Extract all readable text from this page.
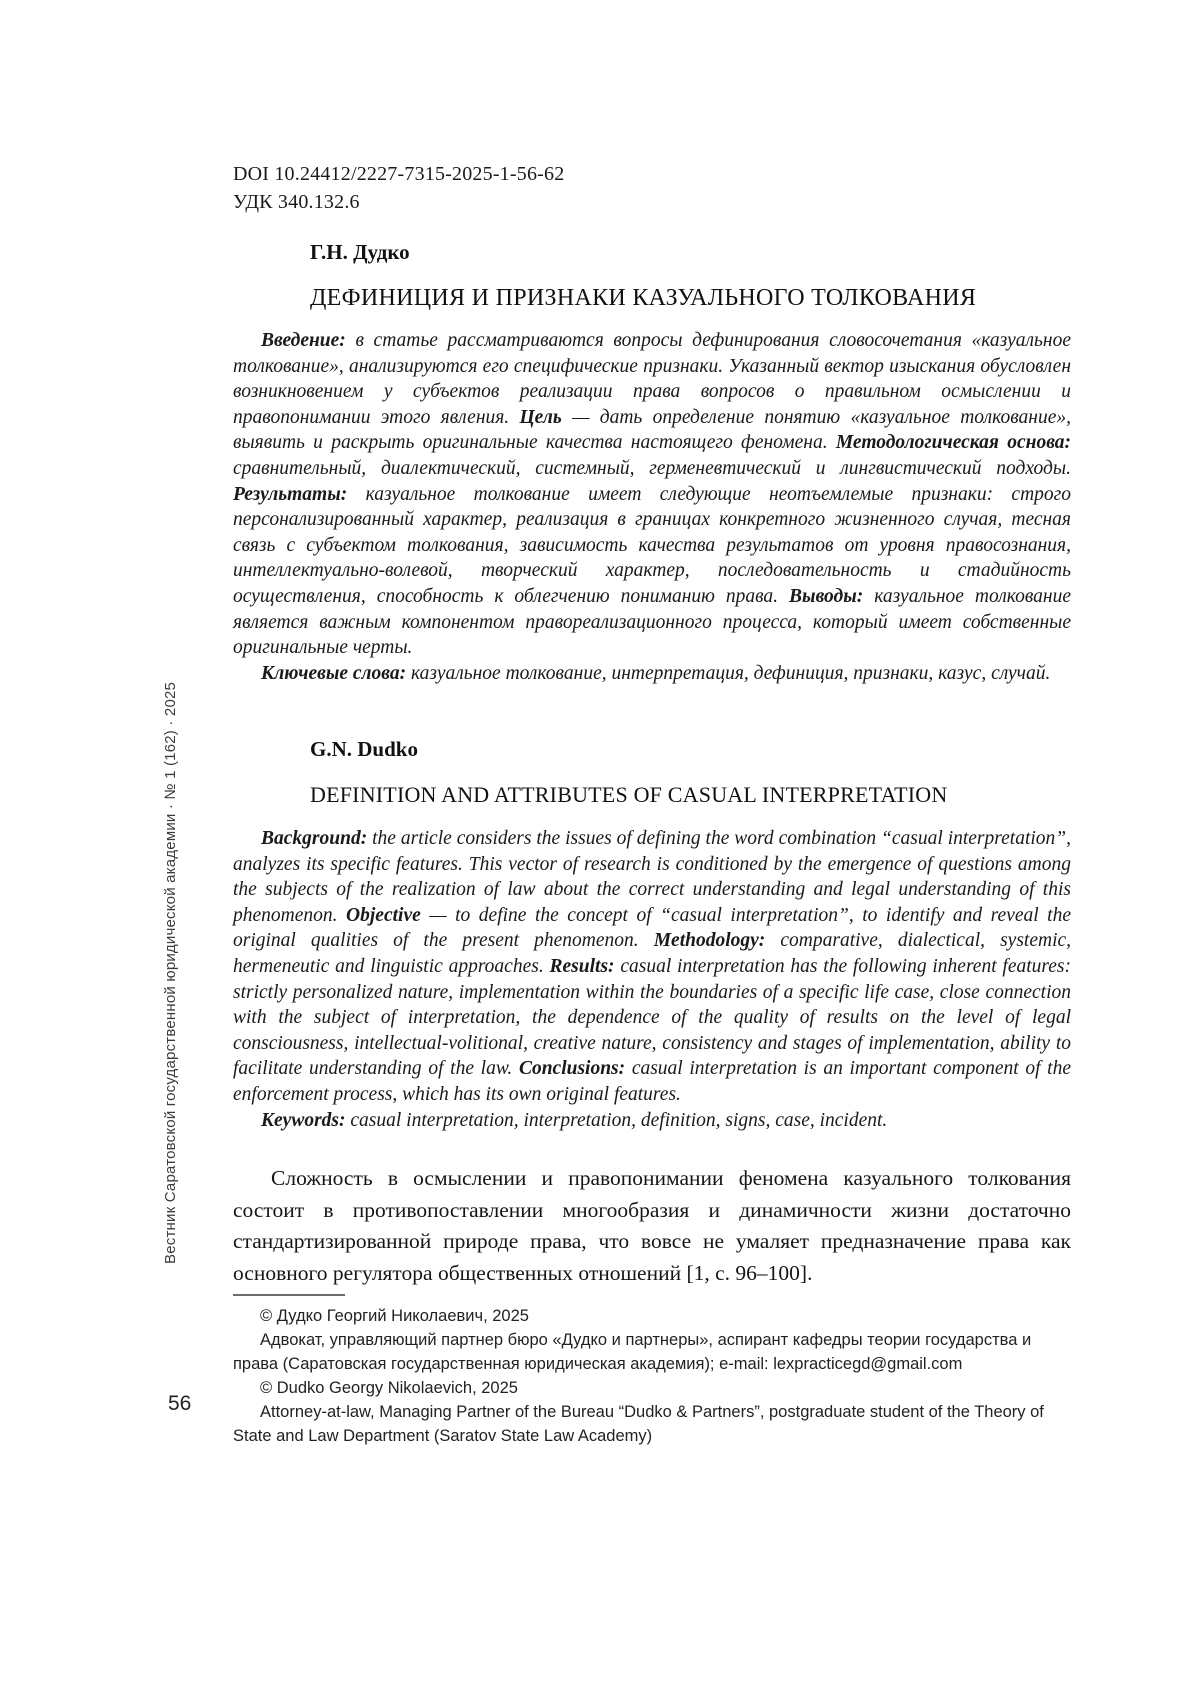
DOI 10.24412/2227-7315-2025-1-56-62
УДК 340.132.6
Г.Н. Дудко
ДЕФИНИЦИЯ И ПРИЗНАКИ КАЗУАЛЬНОГО ТОЛКОВАНИЯ

Введение: в статье рассматриваются вопросы дефинирования словосочетания «казуальное толкование», анализируются его специфические признаки. Указанный вектор изыскания обусловлен возникновением у субъектов реализации права вопросов о правильном осмыслении и правопонимании этого явления. Цель — дать определение понятию «казуальное толкование», выявить и раскрыть оригинальные качества настоящего феномена. Методологическая основа: сравнительный, диалектический, системный, герменевтический и лингвистический подходы. Результаты: казуальное толкование имеет следующие неотъемлемые признаки: строго персонализированный характер, реализация в границах конкретного жизненного случая, тесная связь с субъектом толкования, зависимость качества результатов от уровня правосознания, интеллектуально-волевой, творческий характер, последовательность и стадийность осуществления, способность к облегчению пониманию права. Выводы: казуальное толкование является важным компонентом правореализационного процесса, который имеет собственные оригинальные черты.

Ключевые слова: казуальное толкование, интерпретация, дефиниция, признаки, казус, случай.

G.N. Dudko
DEFINITION AND ATTRIBUTES OF CASUAL INTERPRETATION

Background: the article considers the issues of defining the word combination “casual interpretation”, analyzes its specific features. This vector of research is conditioned by the emergence of questions among the subjects of the realization of law about the correct understanding and legal understanding of this phenomenon. Objective — to define the concept of “casual interpretation”, to identify and reveal the original qualities of the present phenomenon. Methodology: comparative, dialectical, systemic, hermeneutic and linguistic approaches. Results: casual interpretation has the following inherent features: strictly personalized nature, implementation within the boundaries of a specific life case, close connection with the subject of interpretation, the dependence of the quality of results on the level of legal consciousness, intellectual-volitional, creative nature, consistency and stages of implementation, ability to facilitate understanding of the law. Conclusions: casual interpretation is an important component of the enforcement process, which has its own original features.

Keywords: casual interpretation, interpretation, definition, signs, case, incident.

Сложность в осмыслении и правопонимании феномена казуального толкования состоит в противопоставлении многообразия и динамичности жизни достаточно стандартизированной природе права, что вовсе не умаляет предназначение права как основного регулятора общественных отношений [1, с. 96–100].

© Дудко Георгий Николаевич, 2025

Адвокат, управляющий партнер бюро «Дудко и партнеры», аспирант кафедры теории государства и права (Саратовская государственная юридическая академия); e-mail: lexpracticegd@gmail.com

© Dudko Georgy Nikolaevich, 2025

Attorney-at-law, Managing Partner of the Bureau “Dudko & Partners”, postgraduate student of the Theory of State and Law Department (Saratov State Law Academy)

Вестник Саратовской государственной юридической академии · № 1 (162) · 2025
56
